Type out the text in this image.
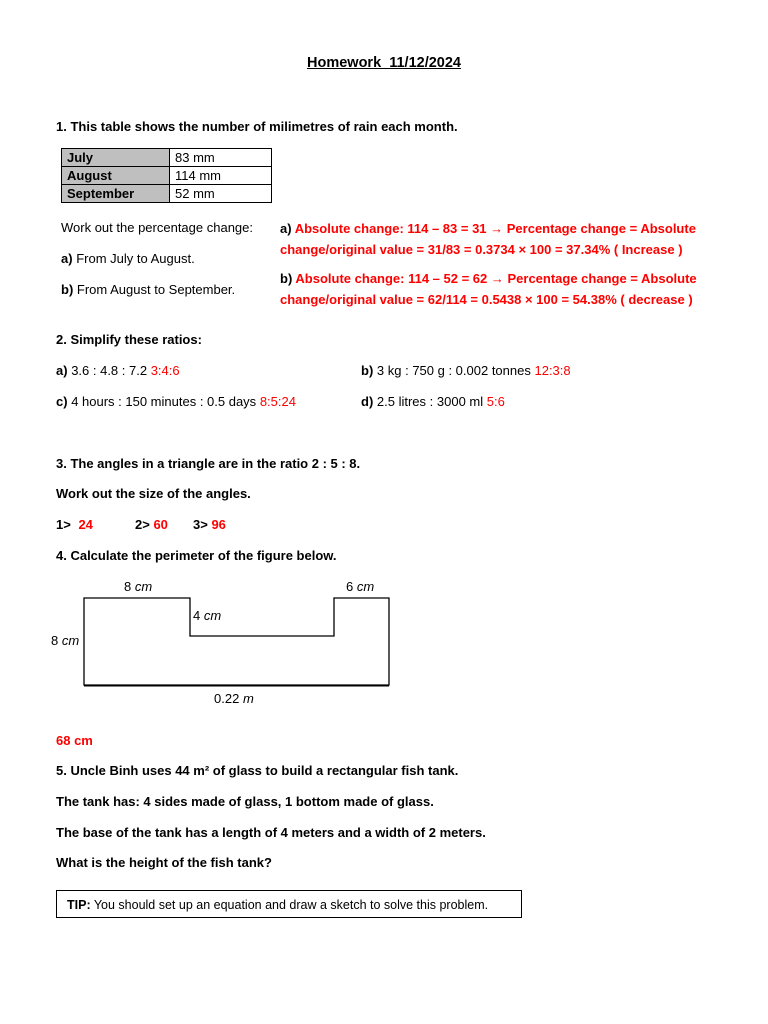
Homework_11/12/2024
1. This table shows the number of milimetres of rain each month.
July	83 mm
August	114 mm
September	52 mm
Work out the percentage change:
a) From July to August.
b) From August to September.
a) Absolute change: 114 – 83 = 31 → Percentage change = Absolute change/original value = 31/83 = 0.3734 × 100 = 37.34% ( Increase )
b) Absolute change: 114 – 52 = 62 → Percentage change = Absolute change/original value = 62/114 = 0.5438 × 100 = 54.38% ( decrease )
2. Simplify these ratios:
a) 3.6 : 4.8 : 7.2 3:4:6	b) 3 kg : 750 g : 0.002 tonnes 12:3:8
c) 4 hours : 150 minutes : 0.5 days 8:5:24	d) 2.5 litres : 3000 ml 5:6
3. The angles in a triangle are in the ratio 2 : 5 : 8.
Work out the size of the angles.
1> 24	2> 60 3> 96
4. Calculate the perimeter of the figure below.
8 cm	6 cm
4 cm
8 cm
0.22 m
68 cm
5. Uncle Binh uses 44 m² of glass to build a rectangular fish tank.
The tank has: 4 sides made of glass, 1 bottom made of glass.
The base of the tank has a length of 4 meters and a width of 2 meters.
What is the height of the fish tank?
TIP: You should set up an equation and draw a sketch to solve this problem.
